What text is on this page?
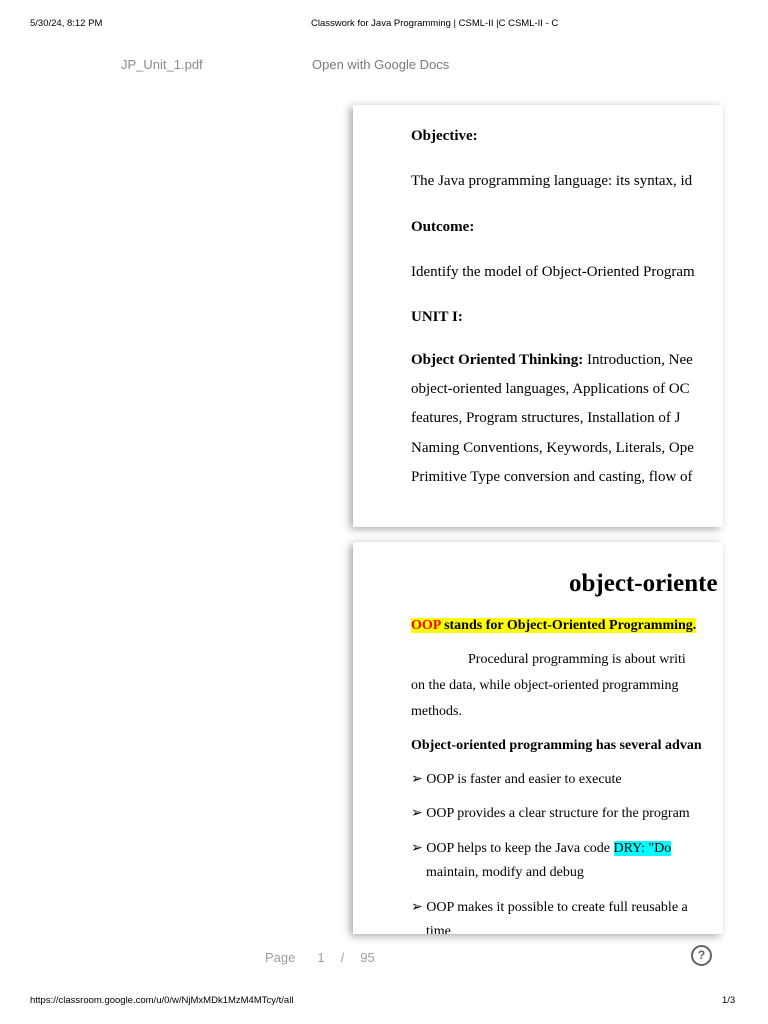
5/30/24, 8:12 PM	Classwork for Java Programming | CSML-II |C CSML-II - C
JP_Unit_1.pdf	Open with Google Docs
Objective:
The Java programming language: its syntax, id
Outcome:
Identify the model of Object-Oriented Program
UNIT I:
Object Oriented Thinking: Introduction, Nee
object-oriented languages, Applications of OC
features, Program structures, Installation of J
Naming Conventions, Keywords, Literals, Ope
Primitive Type conversion and casting, flow of
object-oriente
OOP stands for Object-Oriented Programming.
Procedural programming is about writi
on the data, while object-oriented programming
methods.
Object-oriented programming has several advan
➢ OOP is faster and easier to execute
➢ OOP provides a clear structure for the program
➢ OOP helps to keep the Java code DRY: "Do
maintain, modify and debug
➢ OOP makes it possible to create full reusable a
time
Page 1 / 95	?
https://classroom.google.com/u/0/w/NjMxMDk1MzM4MTcy/t/all	1/3
